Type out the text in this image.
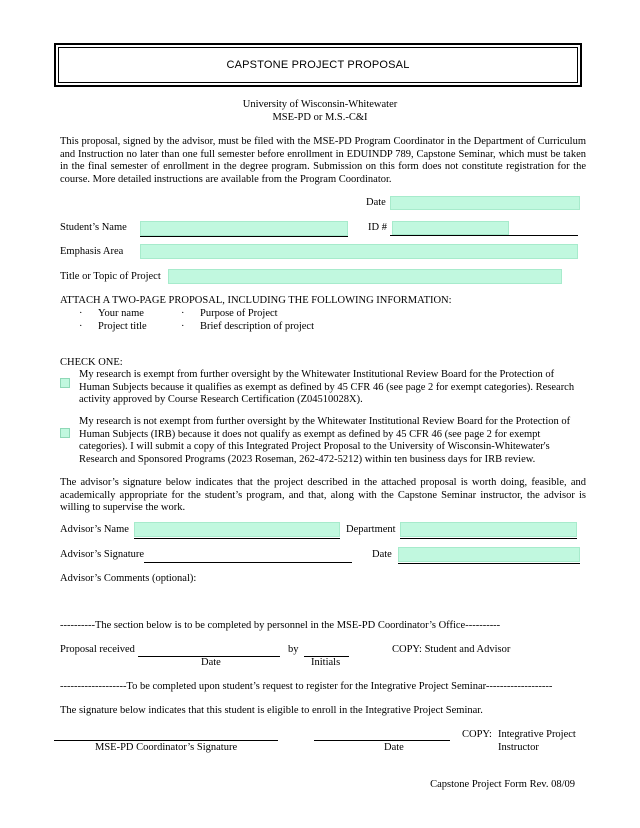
CAPSTONE PROJECT PROPOSAL
University of Wisconsin-Whitewater
MSE-PD or M.S.-C&I
This proposal, signed by the advisor, must be filed with the MSE-PD Program Coordinator in the Department of Curriculum and Instruction no later than one full semester before enrollment in EDUINDP 789, Capstone Seminar, which must be taken in the final semester of enrollment in the degree program. Submission on this form does not constitute registration for the course. More detailed instructions are available from the Program Coordinator.
Date
Student’s Name	ID #
Emphasis Area
Title or Topic of Project
ATTACH A TWO-PAGE PROPOSAL, INCLUDING THE FOLLOWING INFORMATION:
· Your name	· Purpose of Project
· Project title	· Brief description of project
CHECK ONE:
My research is exempt from further oversight by the Whitewater Institutional Review Board for the Protection of Human Subjects because it qualifies as exempt as defined by 45 CFR 46 (see page 2 for exempt categories). Research activity approved by Course Research Certification (Z04510028X).
My research is not exempt from further oversight by the Whitewater Institutional Review Board for the Protection of Human Subjects (IRB) because it does not qualify as exempt as defined by 45 CFR 46 (see page 2 for exempt categories). I will submit a copy of this Integrated Project Proposal to the University of Wisconsin-Whitewater's Research and Sponsored Programs (2023 Roseman, 262-472-5212) within ten business days for IRB review.
The advisor’s signature below indicates that the project described in the attached proposal is worth doing, feasible, and academically appropriate for the student’s program, and that, along with the Capstone Seminar instructor, the advisor is willing to supervise the work.
Advisor’s Name	Department
Advisor’s Signature	Date
Advisor’s Comments (optional):
----------The section below is to be completed by personnel in the MSE-PD Coordinator’s Office----------
Proposal received	by	COPY: Student and Advisor
Date	Initials
-------------------To be completed upon student’s request to register for the Integrative Project Seminar-------------------
The signature below indicates that this student is eligible to enroll in the Integrative Project Seminar.
COPY: Integrative Project Instructor
MSE-PD Coordinator’s Signature	Date
Capstone Project Form Rev. 08/09
